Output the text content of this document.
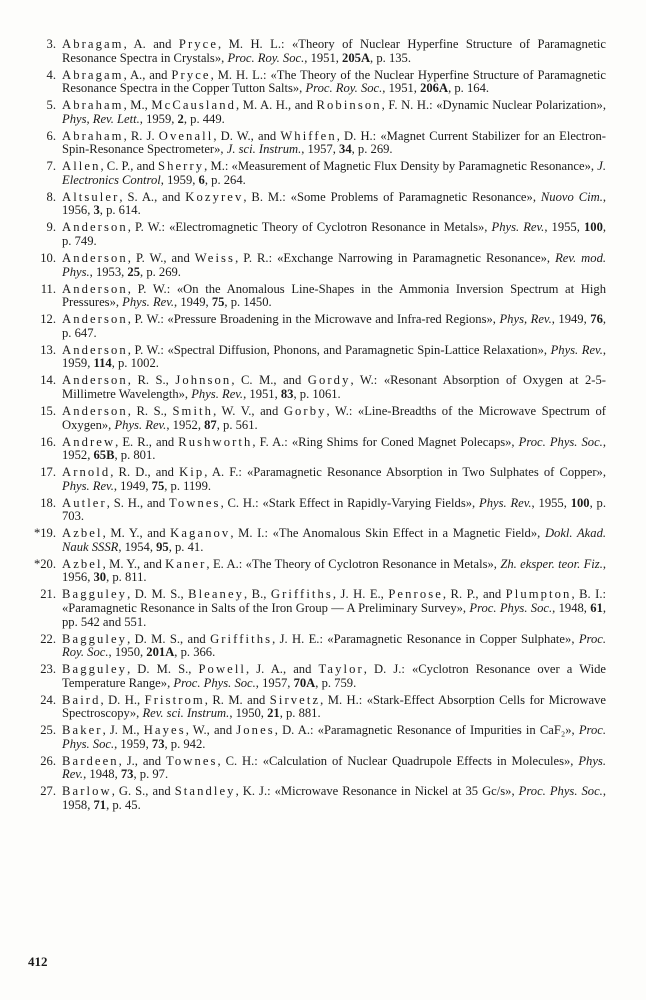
3. Abragam, A. and Pryce, M. H. L.: «Theory of Nuclear Hyperfine Structure of Paramagnetic Resonance Spectra in Crystals», Proc. Roy. Soc., 1951, 205A, p. 135.
4. Abragam, A., and Pryce, M. H. L.: «The Theory of the Nuclear Hyperfine Structure of Paramagnetic Resonance Spectra in the Copper Tutton Salts», Proc. Roy. Soc., 1951, 206A, p. 164.
5. Abraham, M., McCausland, M. A. H., and Robinson, F. N. H.: «Dynamic Nuclear Polarization», Phys, Rev. Lett., 1959, 2, p. 449.
6. Abraham, R. J. Ovenall, D. W., and Whiffen, D. H.: «Magnet Current Stabilizer for an Electron-Spin-Resonance Spectrometer», J. sci. Instrum., 1957, 34, p. 269.
7. Allen, C. P., and Sherry, M.: «Measurement of Magnetic Flux Density by Paramagnetic Resonance», J. Electronics Control, 1959, 6, p. 264.
8. Altsuler, S. A., and Kozyrev, B. M.: «Some Problems of Paramagnetic Resonance», Nuovo Cim., 1956, 3, p. 614.
9. Anderson, P. W.: «Electromagnetic Theory of Cyclotron Resonance in Metals», Phys. Rev., 1955, 100, p. 749.
10. Anderson, P. W., and Weiss, P. R.: «Exchange Narrowing in Paramagnetic Resonance», Rev. mod. Phys., 1953, 25, p. 269.
11. Anderson, P. W.: «On the Anomalous Line-Shapes in the Ammonia Inversion Spectrum at High Pressures», Phys. Rev., 1949, 75, p. 1450.
12. Anderson, P. W.: «Pressure Broadening in the Microwave and Infra-red Regions», Phys, Rev., 1949, 76, p. 647.
13. Anderson, P. W.: «Spectral Diffusion, Phonons, and Paramagnetic Spin-Lattice Relaxation», Phys. Rev., 1959, 114, p. 1002.
14. Anderson, R. S., Johnson, C. M., and Gordy, W.: «Resonant Absorption of Oxygen at 2-5-Millimetre Wavelength», Phys. Rev., 1951, 83, p. 1061.
15. Anderson, R. S., Smith, W. V., and Gorby, W.: «Line-Breadths of the Microwave Spectrum of Oxygen», Phys. Rev., 1952, 87, p. 561.
16. Andrew, E. R., and Rushworth, F. A.: «Ring Shims for Coned Magnet Polecaps», Proc. Phys. Soc., 1952, 65B, p. 801.
17. Arnold, R. D., and Kip, A. F.: «Paramagnetic Resonance Absorption in Two Sulphates of Copper», Phys. Rev., 1949, 75, p. 1199.
18. Autler, S. H., and Townes, C. H.: «Stark Effect in Rapidly-Varying Fields», Phys. Rev., 1955, 100, p. 703.
*19. Azbel, M. Y., and Kaganov, M. I.: «The Anomalous Skin Effect in a Magnetic Field», Dokl. Akad. Nauk SSSR, 1954, 95, p. 41.
*20. Azbel, M. Y., and Kaner, E. A.: «The Theory of Cyclotron Resonance in Metals», Zh. eksper. teor. Fiz., 1956, 30, p. 811.
21. Bagguley, D. M. S., Bleaney, B., Griffiths, J. H. E., Penrose, R. P., and Plumpton, B. I.: «Paramagnetic Resonance in Salts of the Iron Group — A Preliminary Survey», Proc. Phys. Soc., 1948, 61, pp. 542 and 551.
22. Bagguley, D. M. S., and Griffiths, J. H. E.: «Paramagnetic Resonance in Copper Sulphate», Proc. Roy. Soc., 1950, 201A, p. 366.
23. Bagguley, D. M. S., Powell, J. A., and Taylor, D. J.: «Cyclotron Resonance over a Wide Temperature Range», Proc. Phys. Soc., 1957, 70A, p. 759.
24. Baird, D. H., Fristrom, R. M. and Sirvetz, M. H.: «Stark-Effect Absorption Cells for Microwave Spectroscopy», Rev. sci. Instrum., 1950, 21, p. 881.
25. Baker, J. M., Hayes, W., and Jones, D. A.: «Paramagnetic Resonance of Impurities in CaF₂», Proc. Phys. Soc., 1959, 73, p. 942.
26. Bardeen, J., and Townes, C. H.: «Calculation of Nuclear Quadrupole Effects in Molecules», Phys. Rev., 1948, 73, p. 97.
27. Barlow, G. S., and Standley, K. J.: «Microwave Resonance in Nickel at 35 Gc/s», Proc. Phys. Soc., 1958, 71, p. 45.
412
